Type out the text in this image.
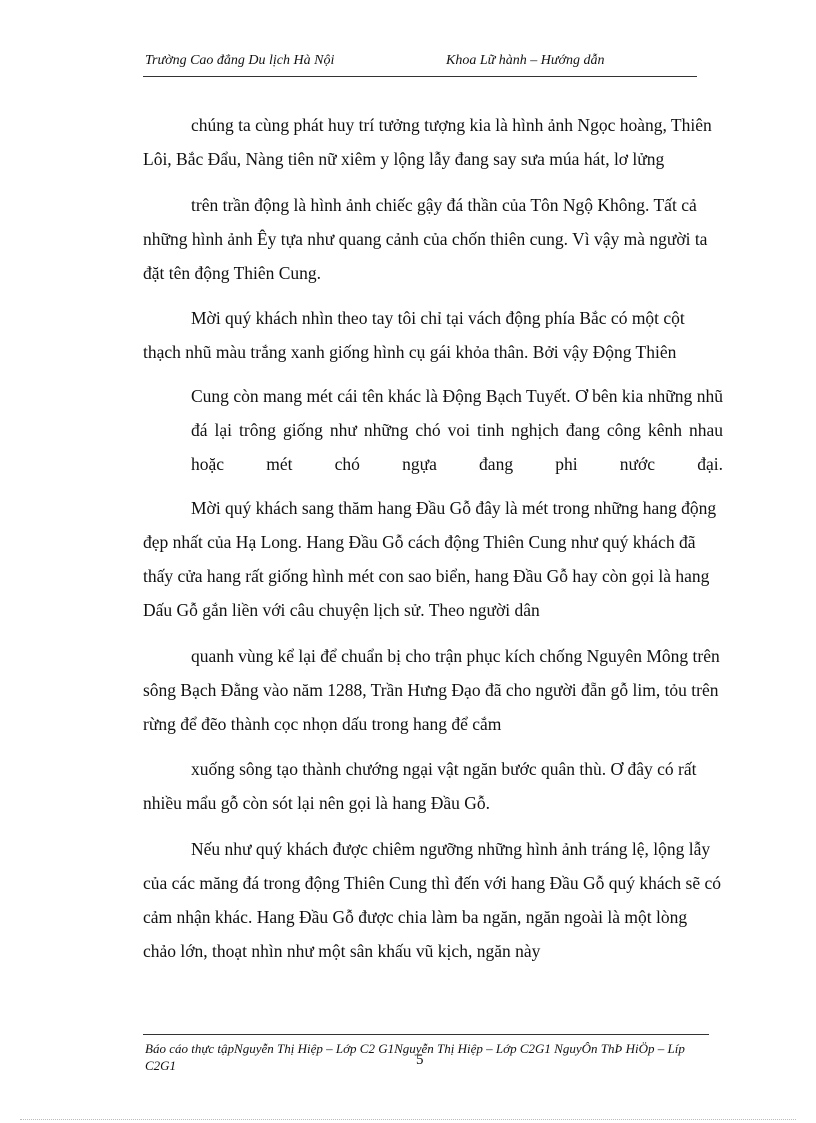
Trường Cao đẳng Du lịch Hà Nội	Khoa Lữ hành – Hướng dẫn

chúng ta cùng phát huy trí tưởng tượng kia là hình ảnh Ngọc hoàng, Thiên Lôi, Bắc Đẩu, Nàng tiên nữ xiêm y lộng lẫy đang say sưa múa hát, lơ lửng

trên trần động là hình ảnh chiếc gậy đá thần của Tôn Ngộ Không. Tất cả những hình ảnh Êy tựa như quang cảnh của chốn thiên cung. Vì vậy mà người ta đặt tên động Thiên Cung.

Mời quý khách nhìn theo tay tôi chỉ tại vách động phía Bắc có một cột thạch nhũ màu trắng xanh giống hình cụ gái khỏa thân. Bởi vậy Động Thiên

Cung còn mang mét cái tên khác là Động Bạch Tuyết. Ơ bên kia những nhũ đá lại trông giống như những chó voi tinh nghịch đang công kênh nhau hoặc mét chó ngựa đang phi nước đại.

Mời quý khách sang thăm hang Đầu Gỗ đây là mét trong những hang động đẹp nhất của Hạ Long. Hang Đầu Gỗ cách động Thiên Cung như quý khách đã thấy cửa hang rất giống hình mét con sao biển, hang Đầu Gỗ hay còn gọi là hang Dấu Gỗ gắn liền với câu chuyện lịch sử. Theo người dân

quanh vùng kể lại để chuẩn bị cho trận phục kích chống Nguyên Mông trên sông Bạch Đằng vào năm 1288, Trần Hưng Đạo đã cho người đẵn gỗ lim, tỏu trên rừng để đẽo thành cọc nhọn dấu trong hang để cắm

xuống sông tạo thành chướng ngại vật ngăn bước quân thù. Ơ đây có rất nhiều mẩu gỗ còn sót lại nên gọi là hang Đầu Gỗ.

Nếu như quý khách được chiêm ngưỡng những hình ảnh tráng lệ, lộng lẫy của các măng đá trong động Thiên Cung thì đến với hang Đầu Gỗ quý khách sẽ có cảm nhận khác. Hang Đầu Gỗ được chia làm ba ngăn, ngăn ngoài là một lòng chảo lớn, thoạt nhìn như một sân khấu vũ kịch, ngăn này

Báo cáo thực tậpNguyễn Thị Hiệp – Lớp C2 G1Nguyễn Thị Hiệp – Lớp C2G1 NguyÔn ThÞ HiÖp – Líp C2G1	5
